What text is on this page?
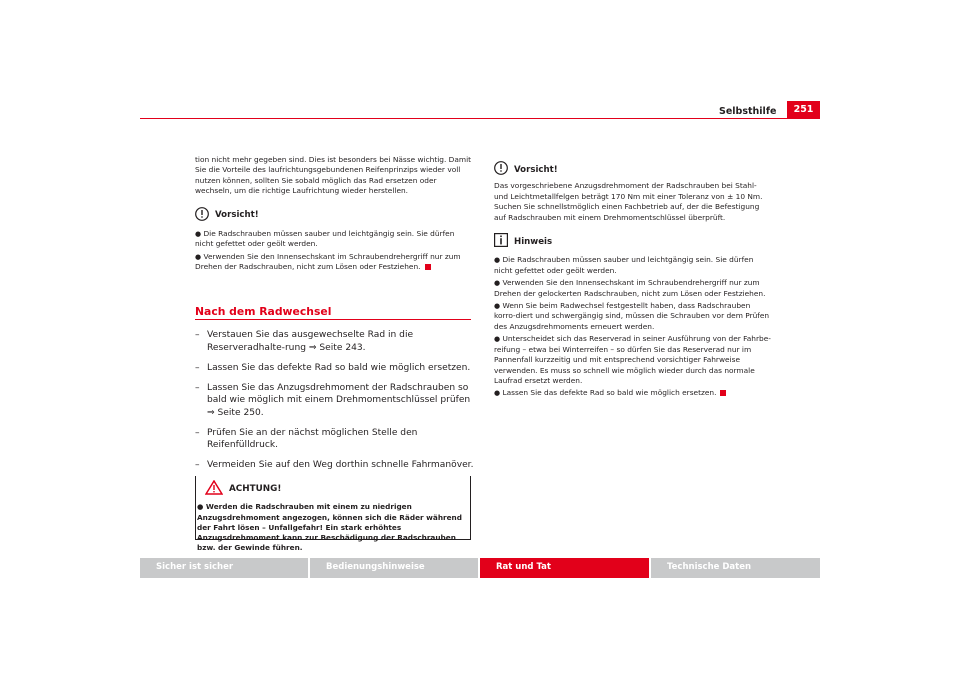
Selbsthilfe	251

tion nicht mehr gegeben sind. Dies ist besonders bei Nässe wichtig. Damit Sie die Vorteile des laufrichtungsgebundenen Reifenprinzips wieder voll nutzen können, sollten Sie sobald möglich das Rad ersetzen oder wechseln, um die richtige Laufrichtung wieder herstellen.

Vorsicht!

● Die Radschrauben müssen sauber und leichtgängig sein. Sie dürfen nicht gefettet oder geölt werden.

● Verwenden Sie den Innensechskant im Schraubendrehergriff nur zum Drehen der Radschrauben, nicht zum Lösen oder Festziehen.

Nach dem Radwechsel
– Verstauen Sie das ausgewechselte Rad in die Reserveradhalte-rung ⇒ Seite 243.
– Lassen Sie das defekte Rad so bald wie möglich ersetzen.
– Lassen Sie das Anzugsdrehmoment der Radschrauben so bald wie möglich mit einem Drehmomentschlüssel prüfen ⇒ Seite 250.
– Prüfen Sie an der nächst möglichen Stelle den Reifenfülldruck.
– Vermeiden Sie auf den Weg dorthin schnelle Fahrmanöver.
ACHTUNG!
● Werden die Radschrauben mit einem zu niedrigen Anzugsdrehmoment angezogen, können sich die Räder während der Fahrt lösen – Unfallgefahr! Ein stark erhöhtes Anzugsdrehmoment kann zur Beschädigung der Radschrauben bzw. der Gewinde führen.
Vorsicht!

Das vorgeschriebene Anzugsdrehmoment der Radschrauben bei Stahl- und Leichtmetallfelgen beträgt 170 Nm mit einer Toleranz von ± 10 Nm. Suchen Sie schnellstmöglich einen Fachbetrieb auf, der die Befestigung auf Radschrauben mit einem Drehmomentschlüssel überprüft.

Hinweis

● Die Radschrauben müssen sauber und leichtgängig sein. Sie dürfen nicht gefettet oder geölt werden.

● Verwenden Sie den Innensechskant im Schraubendrehergriff nur zum Drehen der gelockerten Radschrauben, nicht zum Lösen oder Festziehen.

● Wenn Sie beim Radwechsel festgestellt haben, dass Radschrauben korro-diert und schwergängig sind, müssen die Schrauben vor dem Prüfen des Anzugsdrehmoments erneuert werden.

● Unterscheidet sich das Reserverad in seiner Ausführung von der Fahrbe-reifung – etwa bei Winterreifen – so dürfen Sie das Reserverad nur im Pannenfall kurzzeitig und mit entsprechend vorsichtiger Fahrweise verwenden. Es muss so schnell wie möglich wieder durch das normale Laufrad ersetzt werden.

● Lassen Sie das defekte Rad so bald wie möglich ersetzen.

Sicher ist sicher	Bedienungshinweise	Rat und Tat	Technische Daten
